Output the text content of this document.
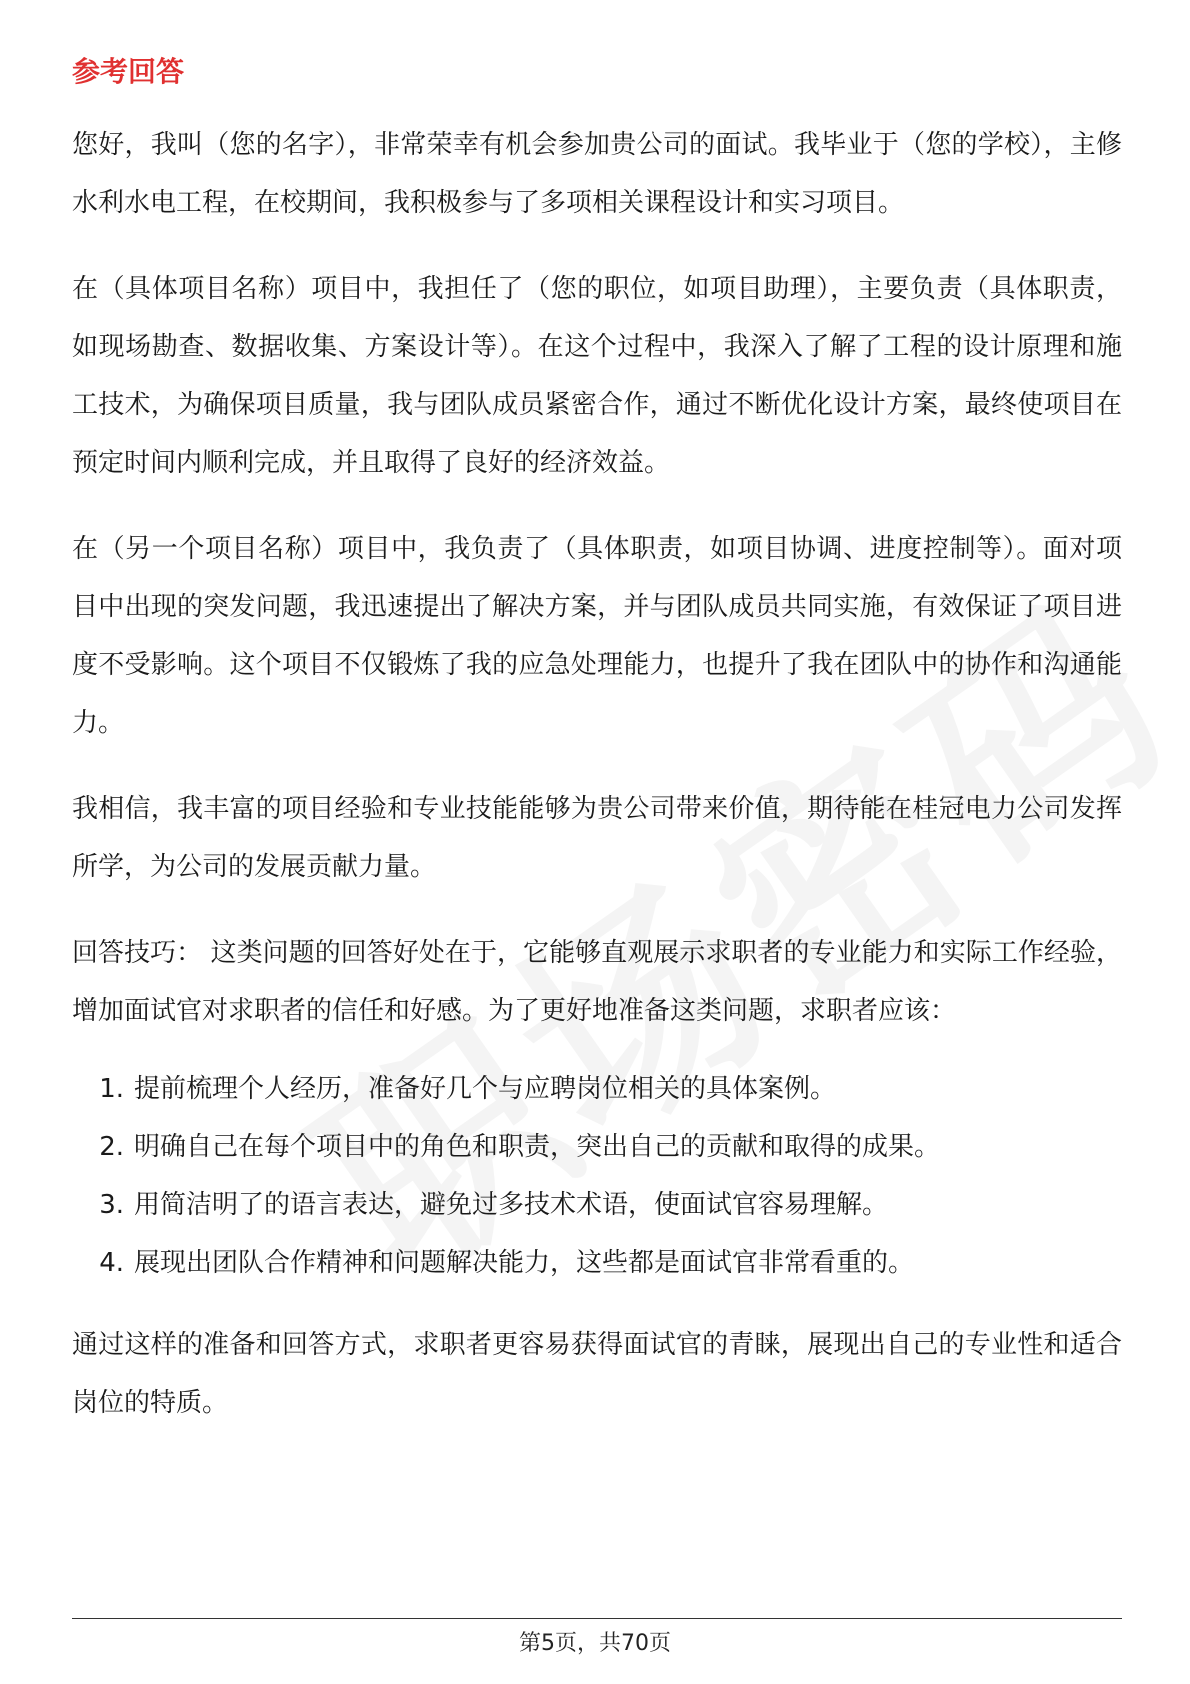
参考回答

您好，我叫（您的名字），非常荣幸有机会参加贵公司的面试。我毕业于（您的学校），主修水利水电工程，在校期间，我积极参与了多项相关课程设计和实习项目。

在（具体项目名称）项目中，我担任了（您的职位，如项目助理），主要负责（具体职责，如现场勘查、数据收集、方案设计等）。在这个过程中，我深入了解了工程的设计原理和施工技术，为确保项目质量，我与团队成员紧密合作，通过不断优化设计方案，最终使项目在预定时间内顺利完成，并且取得了良好的经济效益。

在（另一个项目名称）项目中，我负责了（具体职责，如项目协调、进度控制等）。面对项目中出现的突发问题，我迅速提出了解决方案，并与团队成员共同实施，有效保证了项目进度不受影响。这个项目不仅锻炼了我的应急处理能力，也提升了我在团队中的协作和沟通能力。

我相信，我丰富的项目经验和专业技能能够为贵公司带来价值，期待能在桂冠电力公司发挥所学，为公司的发展贡献力量。

回答技巧： 这类问题的回答好处在于，它能够直观展示求职者的专业能力和实际工作经验，增加面试官对求职者的信任和好感。为了更好地准备这类问题，求职者应该：

1. 提前梳理个人经历，准备好几个与应聘岗位相关的具体案例。
2. 明确自己在每个项目中的角色和职责，突出自己的贡献和取得的成果。
3. 用简洁明了的语言表达，避免过多技术术语，使面试官容易理解。
4. 展现出团队合作精神和问题解决能力，这些都是面试官非常看重的。

通过这样的准备和回答方式，求职者更容易获得面试官的青睐，展现出自己的专业性和适合岗位的特质。

第5页，共70页
